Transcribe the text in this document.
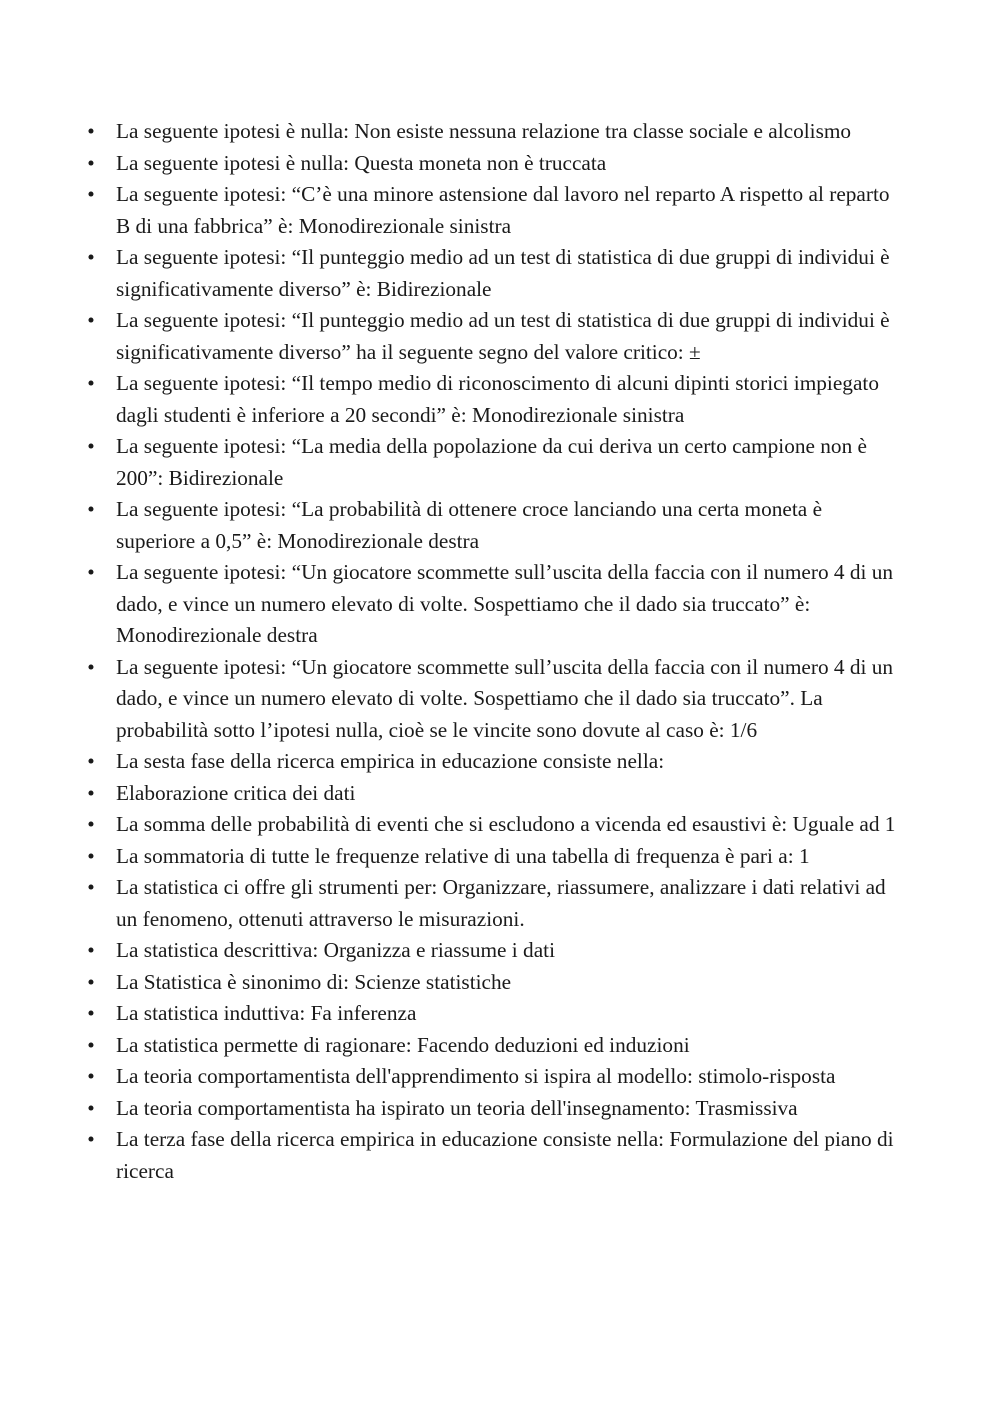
• La seguente ipotesi è nulla: Non esiste nessuna relazione tra classe sociale e alcolismo
• La seguente ipotesi è nulla: Questa moneta non è truccata
• La seguente ipotesi: “C’è una minore astensione dal lavoro nel reparto A rispetto al reparto B di una fabbrica” è: Monodirezionale sinistra
• La seguente ipotesi: “Il punteggio medio ad un test di statistica di due gruppi di individui è significativamente diverso” è: Bidirezionale
• La seguente ipotesi: “Il punteggio medio ad un test di statistica di due gruppi di individui è significativamente diverso” ha il seguente segno del valore critico: ±
• La seguente ipotesi: “Il tempo medio di riconoscimento di alcuni dipinti storici impiegato dagli studenti è inferiore a 20 secondi” è: Monodirezionale sinistra
• La seguente ipotesi: “La media della popolazione da cui deriva un certo campione non è 200”: Bidirezionale
• La seguente ipotesi: “La probabilità di ottenere croce lanciando una certa moneta è superiore a 0,5” è: Monodirezionale destra
• La seguente ipotesi: “Un giocatore scommette sull’uscita della faccia con il numero 4 di un dado, e vince un numero elevato di volte. Sospettiamo che il dado sia truccato” è: Monodirezionale destra
• La seguente ipotesi: “Un giocatore scommette sull’uscita della faccia con il numero 4 di un dado, e vince un numero elevato di volte. Sospettiamo che il dado sia truccato”. La probabilità sotto l’ipotesi nulla, cioè se le vincite sono dovute al caso è: 1/6
• La sesta fase della ricerca empirica in educazione consiste nella:
• Elaborazione critica dei dati
• La somma delle probabilità di eventi che si escludono a vicenda ed esaustivi è: Uguale ad 1
• La sommatoria di tutte le frequenze relative di una tabella di frequenza è pari a: 1
• La statistica ci offre gli strumenti per: Organizzare, riassumere, analizzare i dati relativi ad un fenomeno, ottenuti attraverso le misurazioni.
• La statistica descrittiva: Organizza e riassume i dati
• La Statistica è sinonimo di: Scienze statistiche
• La statistica induttiva: Fa inferenza
• La statistica permette di ragionare: Facendo deduzioni ed induzioni
• La teoria comportamentista dell'apprendimento si ispira al modello: stimolo-risposta
• La teoria comportamentista ha ispirato un teoria dell'insegnamento: Trasmissiva
• La terza fase della ricerca empirica in educazione consiste nella: Formulazione del piano di ricerca
